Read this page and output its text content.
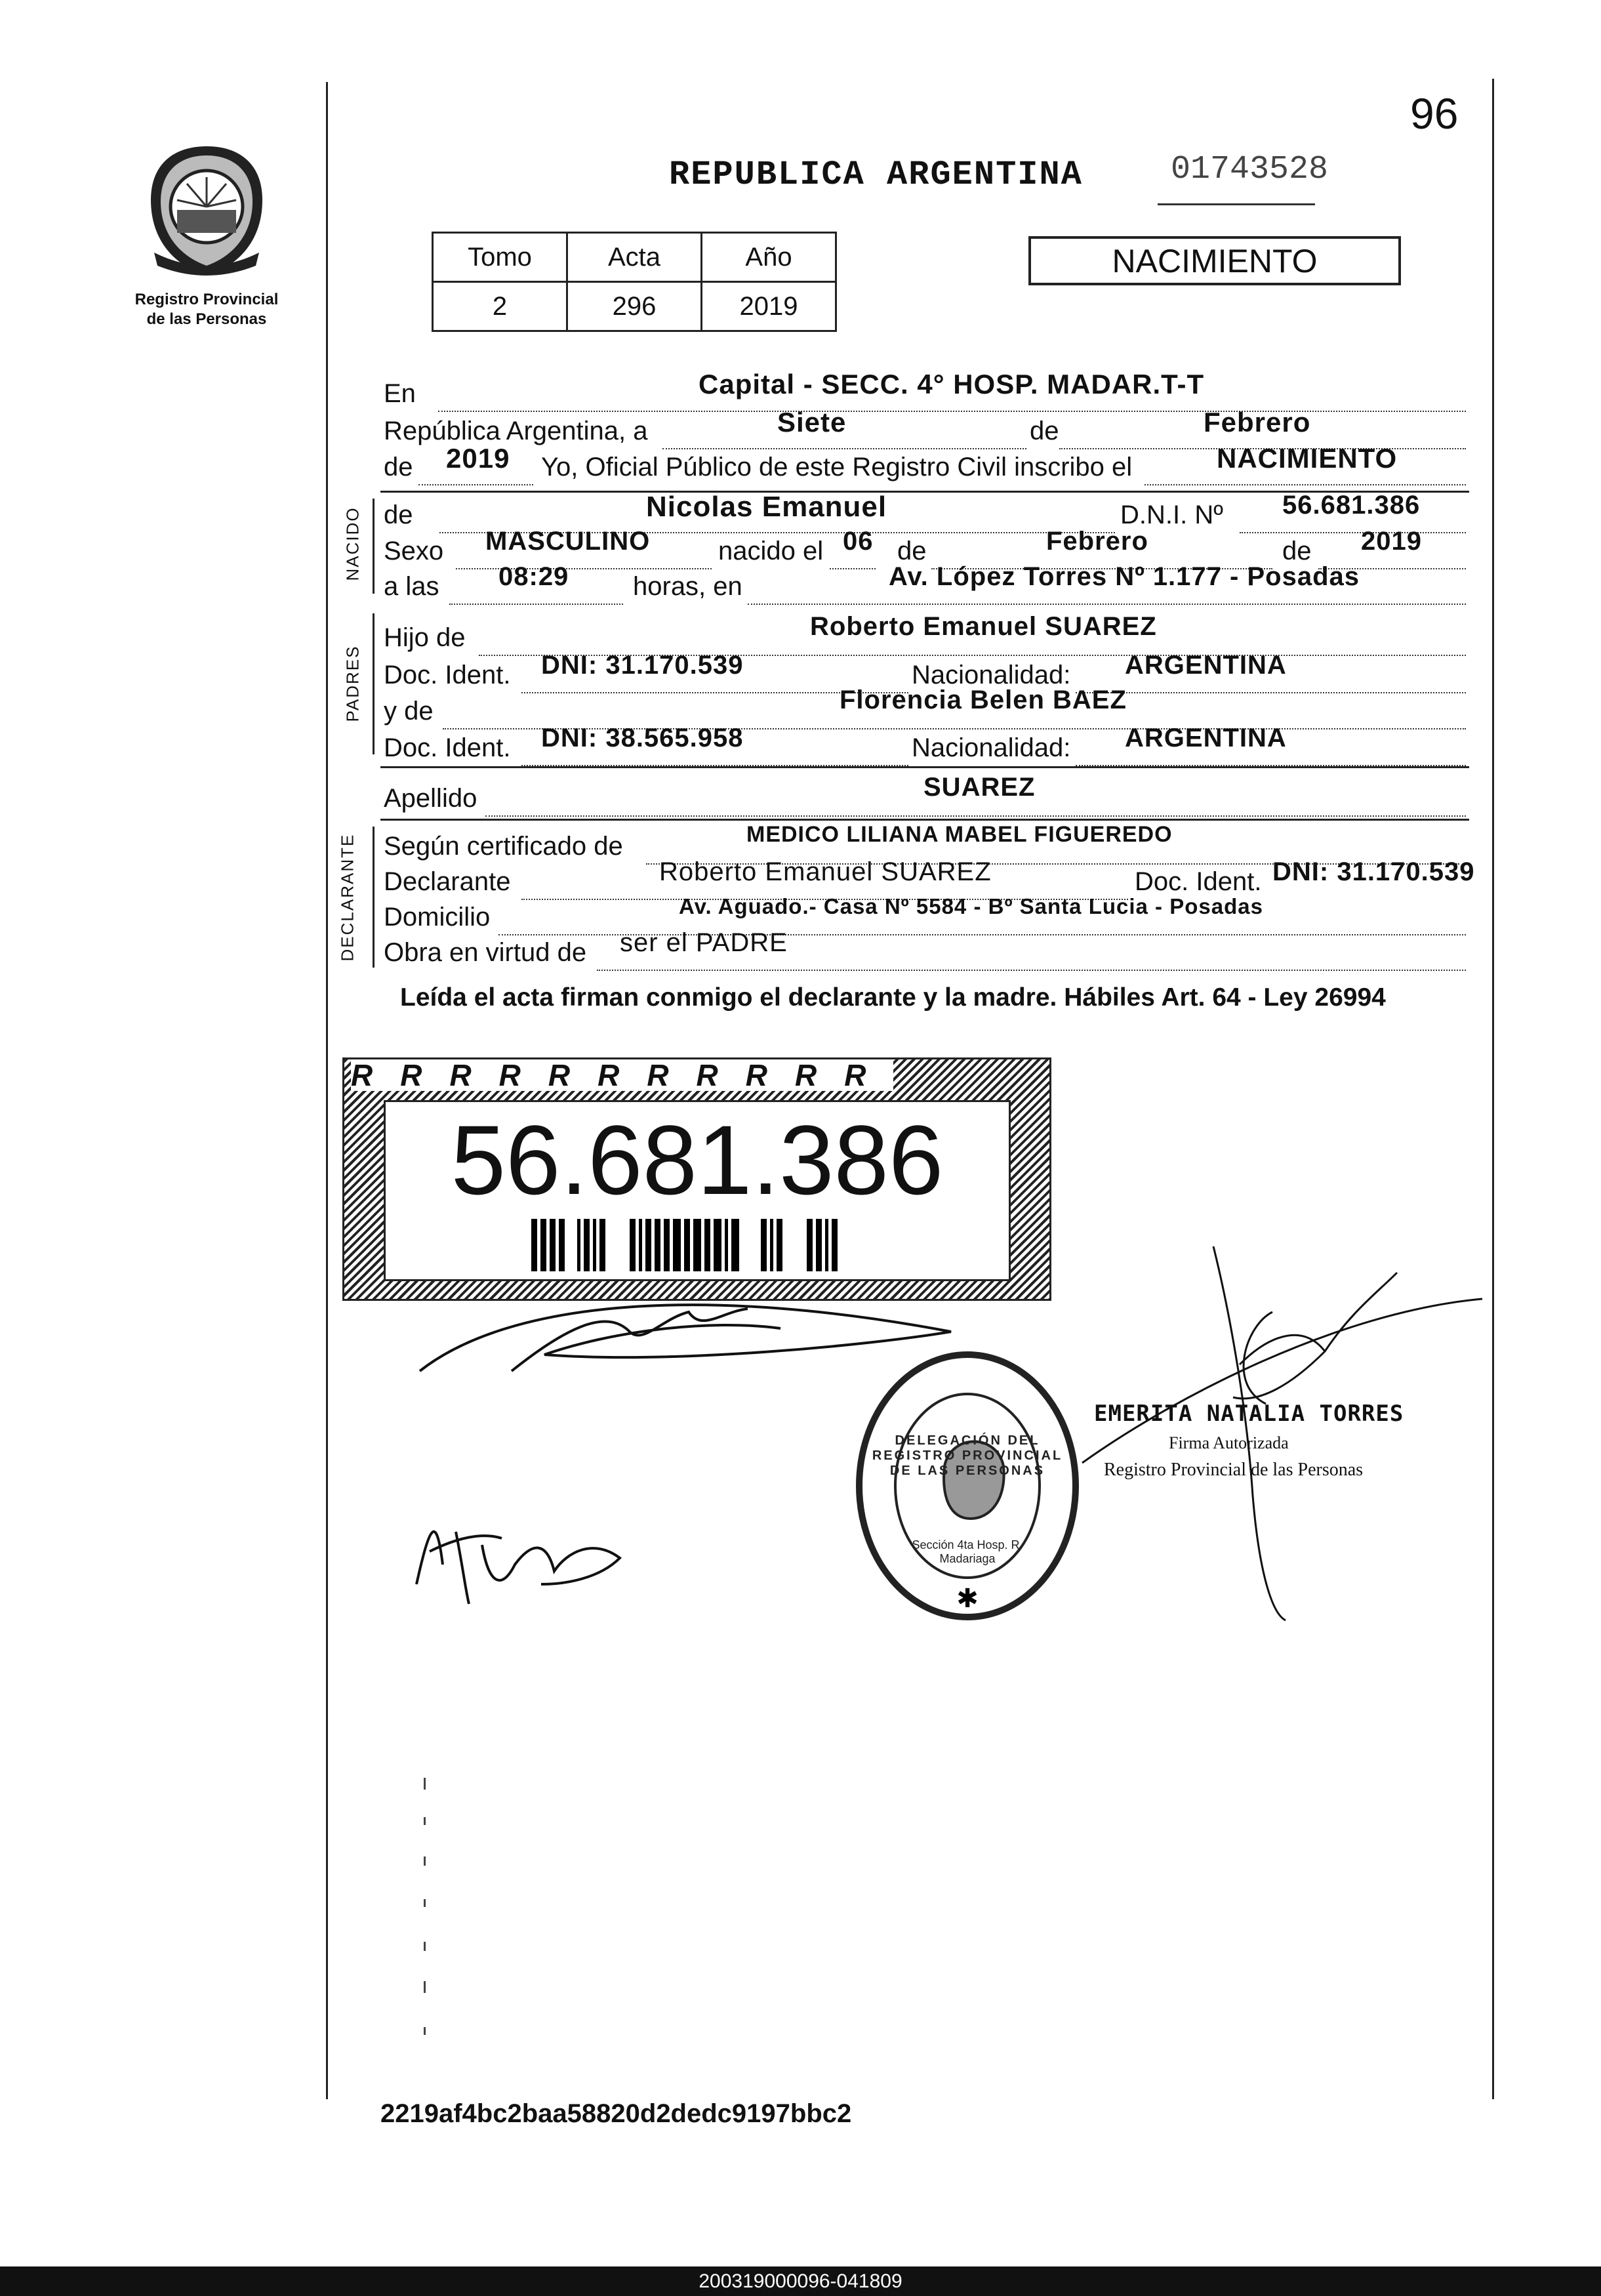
96
Registro Provincial
de las Personas
REPUBLICA ARGENTINA	01743528
NACIMIENTO
Tomo	Acta	Año
2	296	2019
En	Capital - SECC. 4° HOSP. MADAR.T-T
República Argentina, a	Siete	de	Febrero
de 2019 Yo, Oficial Público de este Registro Civil inscribo el	NACIMIENTO
NACIDO de	Nicolas Emanuel	D.N.I. Nº 56.681.386
Sexo MASCULINO	nacido el 06 de	Febrero	de 2019
a las 08:29 horas, en	Av. López Torres Nº 1.177 - Posadas
PADRES
Hijo de	Roberto Emanuel SUAREZ
Doc. Ident. DNI: 31.170.539	Nacionalidad: ARGENTINA
y de	Florencia Belen BAEZ
Doc. Ident. DNI: 38.565.958	Nacionalidad: ARGENTINA
Apellido	SUAREZ
DECLARANTE Según certificado de	MEDICO LILIANA MABEL FIGUEREDO
Declarante	Roberto Emanuel SUAREZ	Doc. Ident. DNI: 31.170.539
Domicilio	Av. Aguado.- Casa Nº 5584 - Bº Santa Lucia - Posadas
Obra en virtud de ser el PADRE
Leída el acta firman conmigo el declarante y la madre. Hábiles Art. 64 - Ley 26994
RRRRRRRRRRR
56.681.386
✱
DELEGACIÓN DEL REGISTRO PROVINCIAL DE LAS PERSONAS
Sección 4ta Hosp. R. Madariaga
EMERITA NATALIA TORRES
Firma Autorizada
Registro Provincial de las Personas
2219af4bc2baa58820d2dedc9197bbc2
200319000096-041809
